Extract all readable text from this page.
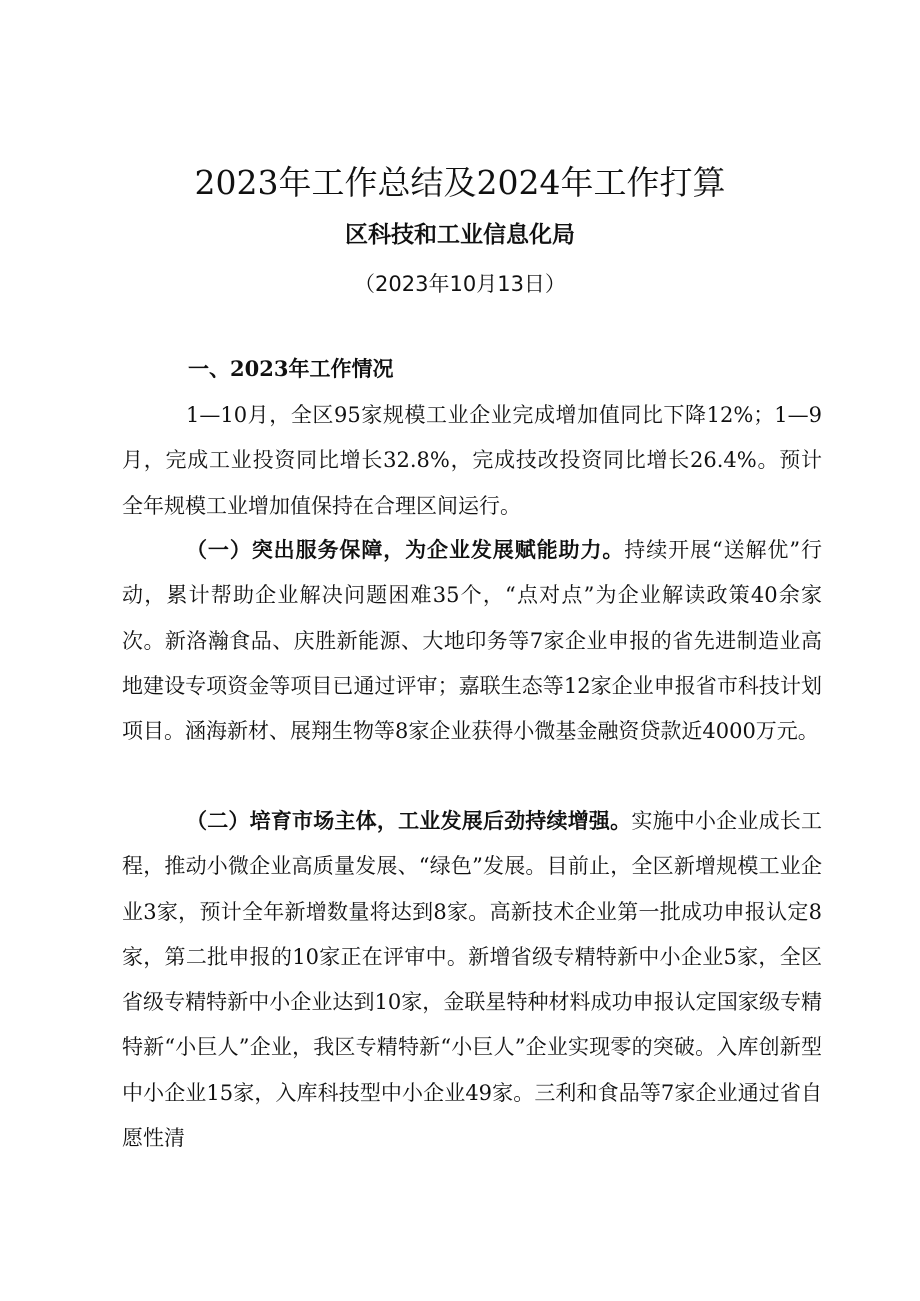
2023年工作总结及2024年工作打算
区科技和工业信息化局
（2023年10月13日）
一、2023年工作情况

1—10月，全区95家规模工业企业完成增加值同比下降12%；1—9月，完成工业投资同比增长32.8%，完成技改投资同比增长26.4%。预计全年规模工业增加值保持在合理区间运行。

（一）突出服务保障，为企业发展赋能助力。持续开展“送解优”行动，累计帮助企业解决问题困难35个，“点对点”为企业解读政策40余家次。新洛瀚食品、庆胜新能源、大地印务等7家企业申报的省先进制造业高地建设专项资金等项目已通过评审；嘉联生态等12家企业申报省市科技计划项目。涵海新材、展翔生物等8家企业获得小微基金融资贷款近4000万元。

（二）培育市场主体，工业发展后劲持续增强。实施中小企业成长工程，推动小微企业高质量发展、“绿色”发展。目前止，全区新增规模工业企业3家，预计全年新增数量将达到8家。高新技术企业第一批成功申报认定8家，第二批申报的10家正在评审中。新增省级专精特新中小企业5家，全区省级专精特新中小企业达到10家，金联星特种材料成功申报认定国家级专精特新“小巨人”企业，我区专精特新“小巨人”企业实现零的突破。入库创新型中小企业15家，入库科技型中小企业49家。三利和食品等7家企业通过省自愿性清
